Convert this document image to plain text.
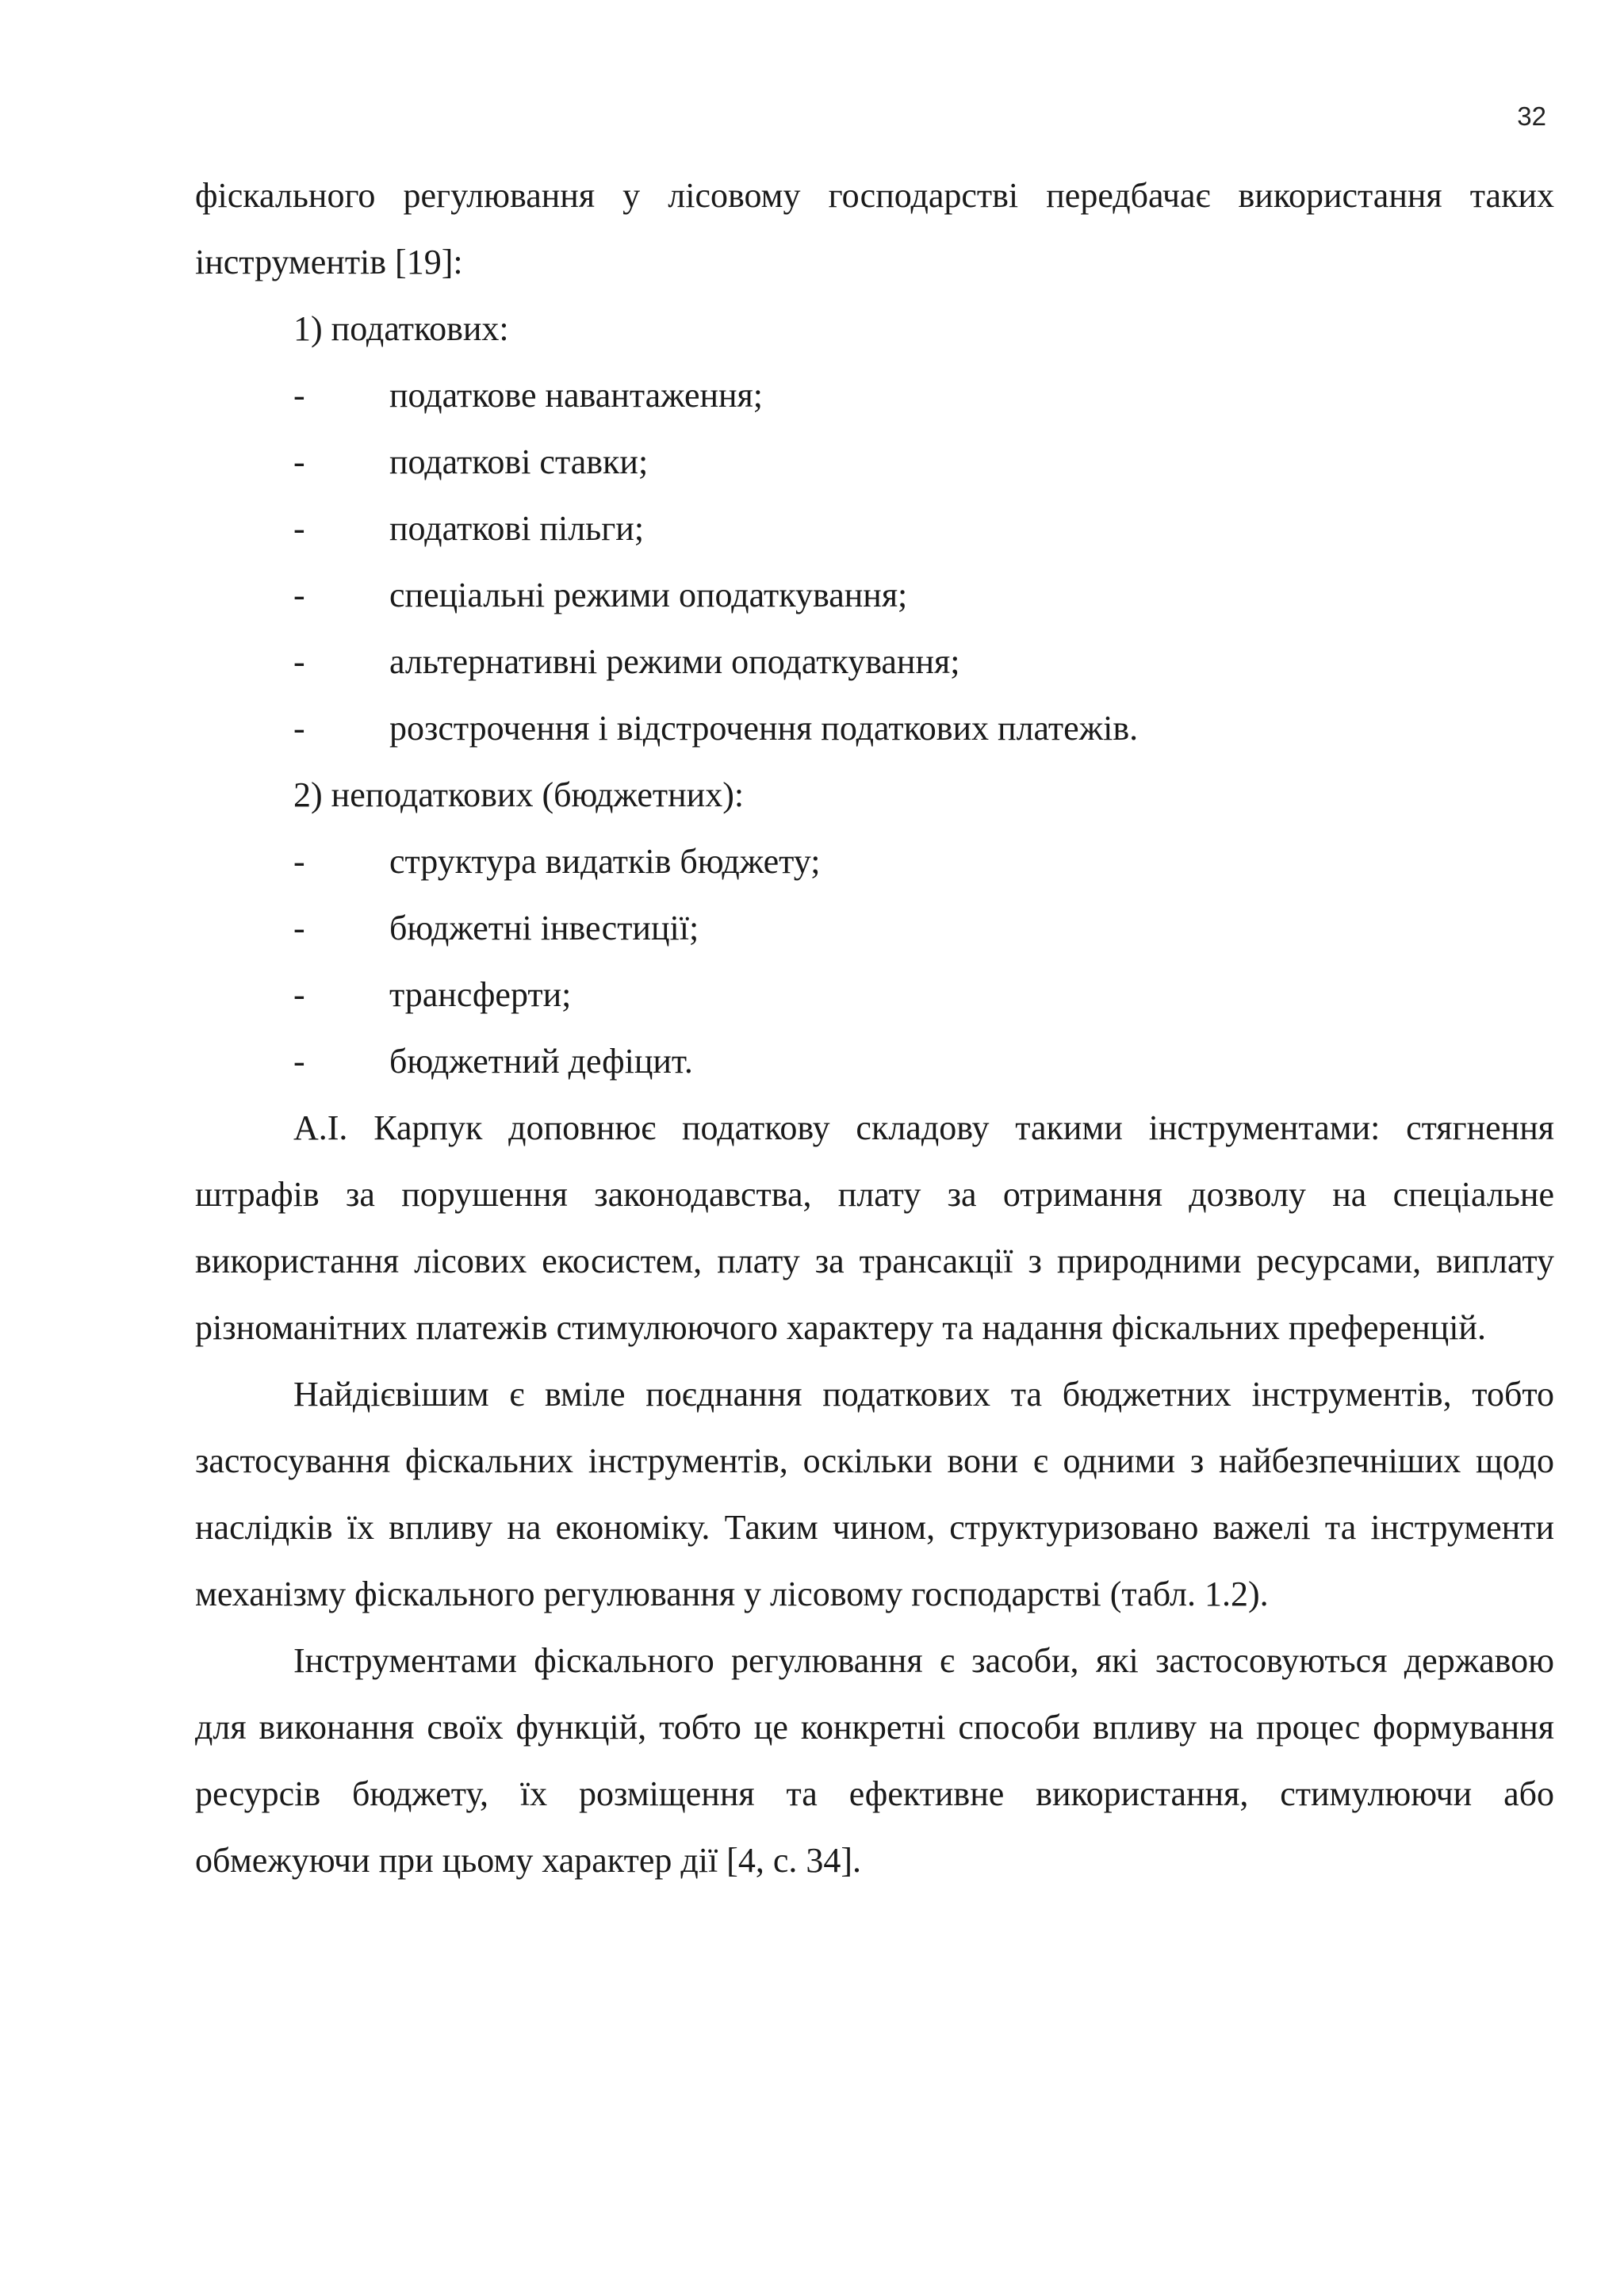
32

фіскального регулювання у лісовому господарстві передбачає використання таких інструментів [19]:

1) податкових:

-	податкове навантаження;
-	податкові ставки;
-	податкові пільги;
-	спеціальні режими оподаткування;
-	альтернативні режими оподаткування;
-	розстрочення і відстрочення податкових платежів.

2) неподаткових (бюджетних):

-	структура видатків бюджету;
-	бюджетні інвестиції;
-	трансферти;
-	бюджетний дефіцит.

А.І. Карпук доповнює податкову складову такими інструментами: стягнення штрафів за порушення законодавства, плату за отримання дозволу на спеціальне використання лісових екосистем, плату за трансакції з природними ресурсами, виплату різноманітних платежів стимулюючого характеру та надання фіскальних преференцій.

Найдієвішим є вміле поєднання податкових та бюджетних інструментів, тобто застосування фіскальних інструментів, оскільки вони є одними з найбезпечніших щодо наслідків їх впливу на економіку. Таким чином, структуризовано важелі та інструменти механізму фіскального регулювання у лісовому господарстві (табл. 1.2).

Інструментами фіскального регулювання є засоби, які застосовуються державою для виконання своїх функцій, тобто це конкретні способи впливу на процес формування ресурсів бюджету, їх розміщення та ефективне використання, стимулюючи або обмежуючи при цьому характер дії [4, с. 34].
